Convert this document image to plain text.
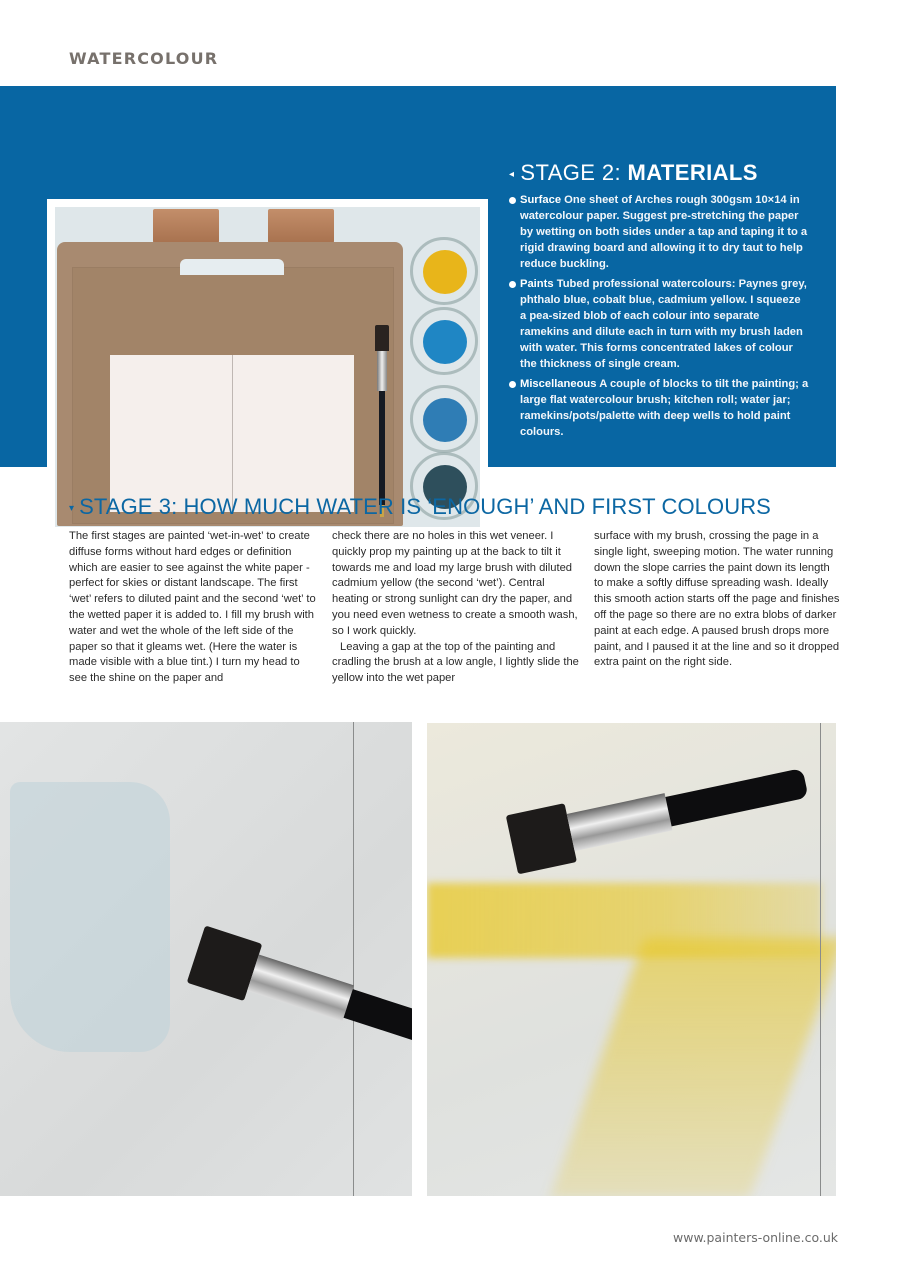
WATERCOLOUR
◂ STAGE 2: MATERIALS
Surface One sheet of Arches rough 300gsm 10×14 in watercolour paper. Suggest pre-stretching the paper by wetting on both sides under a tap and taping it to a rigid drawing board and allowing it to dry taut to help reduce buckling.
Paints Tubed professional watercolours: Paynes grey, phthalo blue, cobalt blue, cadmium yellow. I squeeze a pea-sized blob of each colour into separate ramekins and dilute each in turn with my brush laden with water. This forms concentrated lakes of colour the thickness of single cream.
Miscellaneous A couple of blocks to tilt the painting; a large flat watercolour brush; kitchen roll; water jar; ramekins/pots/palette with deep wells to hold paint colours.
▾ STAGE 3: HOW MUCH WATER IS ‘ENOUGH’ AND FIRST COLOURS

The first stages are painted ‘wet-in-wet’ to create diffuse forms without hard edges or definition which are easier to see against the white paper - perfect for skies or distant landscape. The first ‘wet’ refers to diluted paint and the second ‘wet’ to the wetted paper it is added to. I fill my brush with water and wet the whole of the left side of the paper so that it gleams wet. (Here the water is made visible with a blue tint.) I turn my head to see the shine on the paper and

check there are no holes in this wet veneer. I quickly prop my painting up at the back to tilt it towards me and load my large brush with diluted cadmium yellow (the second ‘wet’). Central heating or strong sunlight can dry the paper, and you need even wetness to create a smooth wash, so I work quickly.

Leaving a gap at the top of the painting and cradling the brush at a low angle, I lightly slide the yellow into the wet paper

surface with my brush, crossing the page in a single light, sweeping motion. The water running down the slope carries the paint down its length to make a softly diffuse spreading wash. Ideally this smooth action starts off the page and finishes off the page so there are no extra blobs of darker paint at each edge. A paused brush drops more paint, and I paused it at the line and so it dropped extra paint on the right side.

www.painters-online.co.uk
